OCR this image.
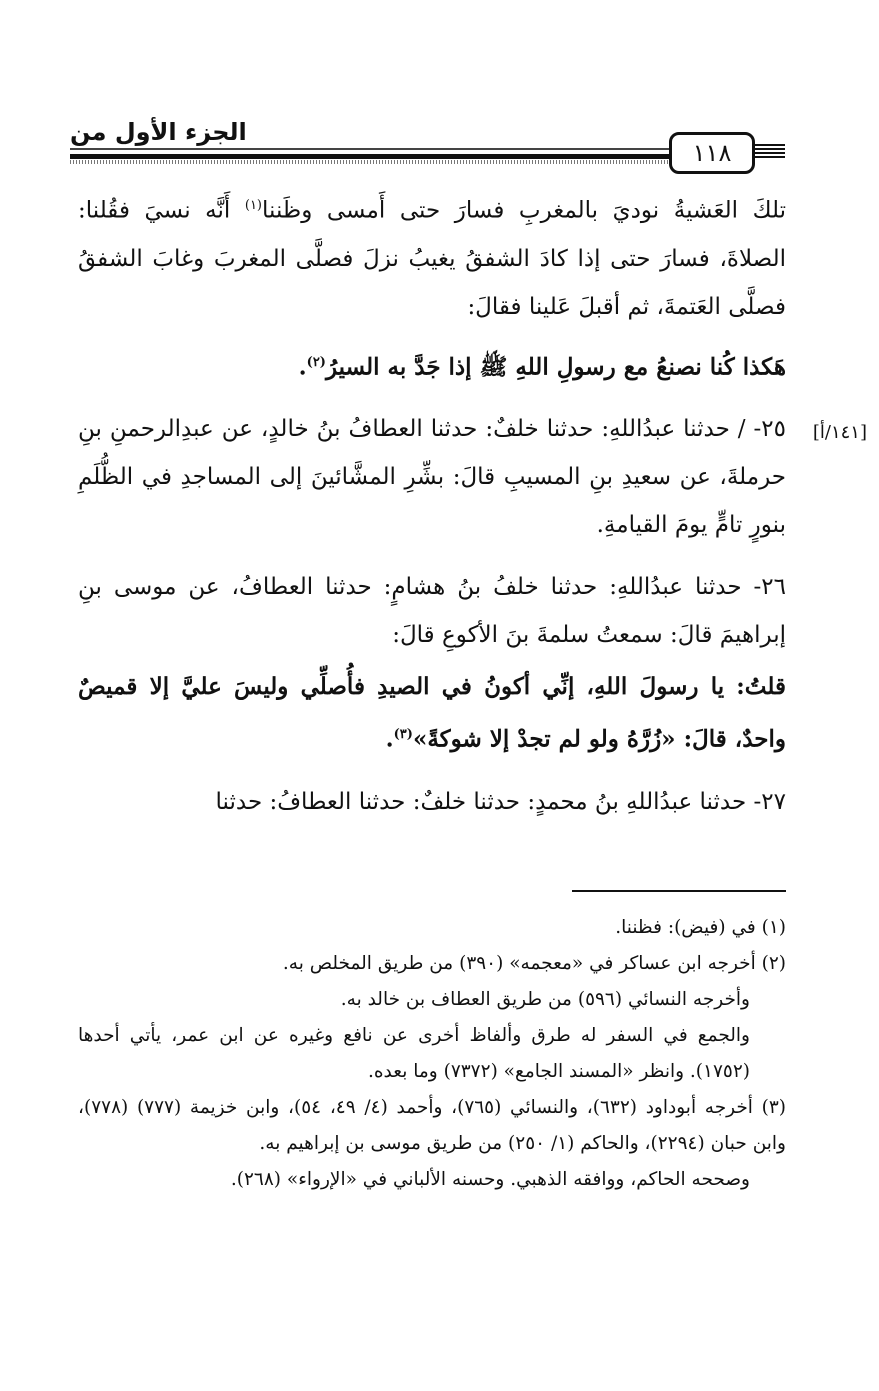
الجزء الأول من
١١٨
[١٤١/أ]

تلكَ العَشيةُ نوديَ بالمغربِ فسارَ حتى أَمسى وظَننا$^{(١)}$ أَنَّه نسيَ فقُلنا: الصلاةَ، فسارَ حتى إذا كادَ الشفقُ يغيبُ نزلَ فصلَّى المغربَ وغابَ الشفقُ فصلَّى العَتمةَ، ثم أقبلَ عَلينا فقالَ:

هَكذا كُنا نصنعُ مع رسولِ اللهِ ﷺ إذا جَدَّ به السيرُ$^{(٢)}$.

٢٥- / حدثنا عبدُاللهِ: حدثنا خلفٌ: حدثنا العطافُ بنُ خالدٍ، عن عبدِالرحمنِ بنِ حرملةَ، عن سعيدِ بنِ المسيبِ قالَ: بشِّرِ المشَّائينَ إلى المساجدِ في الظُّلَمِ بنورٍ تامٍّ يومَ القيامةِ.

٢٦- حدثنا عبدُاللهِ: حدثنا خلفُ بنُ هشامٍ: حدثنا العطافُ، عن موسى بنِ إبراهيمَ قالَ: سمعتُ سلمةَ بنَ الأكوعِ قالَ:

قلتُ: يا رسولَ اللهِ، إنِّي أكونُ في الصيدِ فأُصلِّي وليسَ عليَّ إلا قميصٌ واحدٌ، قالَ: «زُرَّهُ ولو لم تجدْ إلا شوكةً»$^{(٣)}$.

٢٧- حدثنا عبدُاللهِ بنُ محمدٍ: حدثنا خلفٌ: حدثنا العطافُ: حدثنا

(١) في (فيض): فظننا.

(٢) أخرجه ابن عساكر في «معجمه» (٣٩٠) من طريق المخلص به.

وأخرجه النسائي (٥٩٦) من طريق العطاف بن خالد به.

والجمع في السفر له طرق وألفاظ أخرى عن نافع وغيره عن ابن عمر، يأتي أحدها (١٧٥٢). وانظر «المسند الجامع» (٧٣٧٢) وما بعده.

(٣) أخرجه أبوداود (٦٣٢)، والنسائي (٧٦٥)، وأحمد (٤/ ٤٩، ٥٤)، وابن خزيمة (٧٧٧) (٧٧٨)، وابن حبان (٢٢٩٤)، والحاكم (١/ ٢٥٠) من طريق موسى بن إبراهيم به.

وصححه الحاكم، ووافقه الذهبي. وحسنه الألباني في «الإرواء» (٢٦٨).
